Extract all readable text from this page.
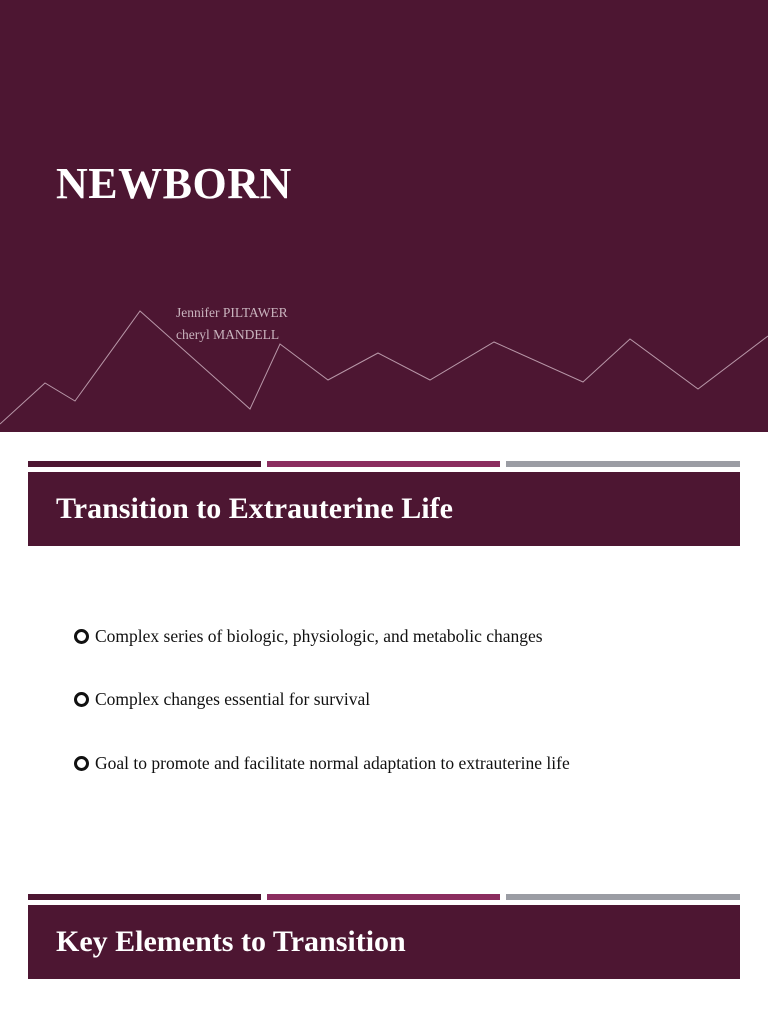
NEWBORN
Jennifer PILTAWER
cheryl MANDELL
Transition to Extrauterine Life
Complex series of biologic, physiologic, and metabolic changes
Complex changes essential for survival
Goal to promote and facilitate normal adaptation to extrauterine life
Key Elements to Transition
